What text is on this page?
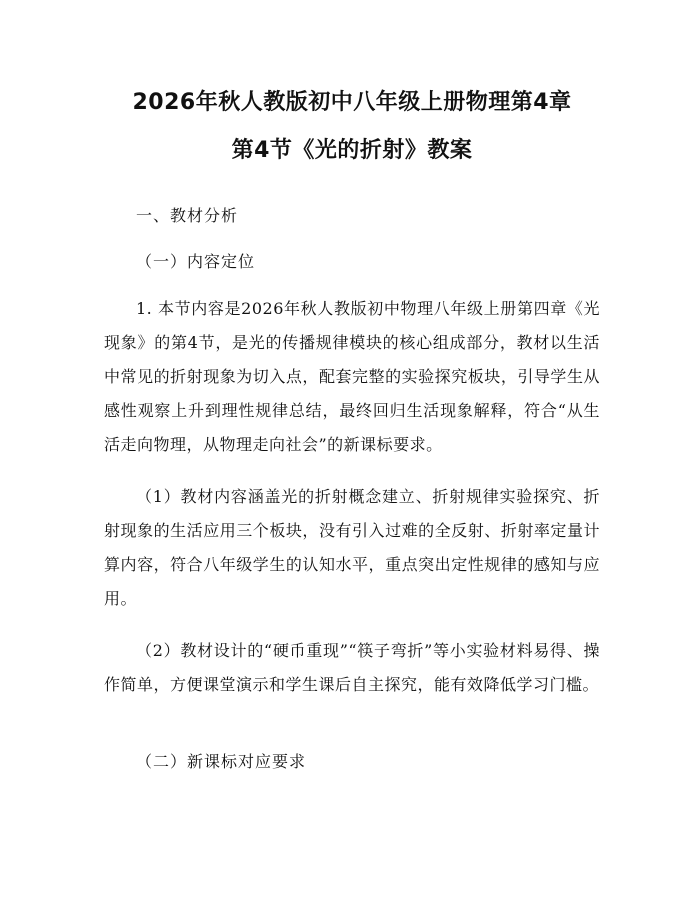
2026年秋人教版初中八年级上册物理第4章
第4节《光的折射》教案

一、教材分析

（一）内容定位

1. 本节内容是2026年秋人教版初中物理八年级上册第四章《光现象》的第4节，是光的传播规律模块的核心组成部分，教材以生活中常见的折射现象为切入点，配套完整的实验探究板块，引导学生从感性观察上升到理性规律总结，最终回归生活现象解释，符合“从生活走向物理，从物理走向社会”的新课标要求。

（1）教材内容涵盖光的折射概念建立、折射规律实验探究、折射现象的生活应用三个板块，没有引入过难的全反射、折射率定量计算内容，符合八年级学生的认知水平，重点突出定性规律的感知与应用。

（2）教材设计的“硬币重现”“筷子弯折”等小实验材料易得、操作简单，方便课堂演示和学生课后自主探究，能有效降低学习门槛。

（二）新课标对应要求
